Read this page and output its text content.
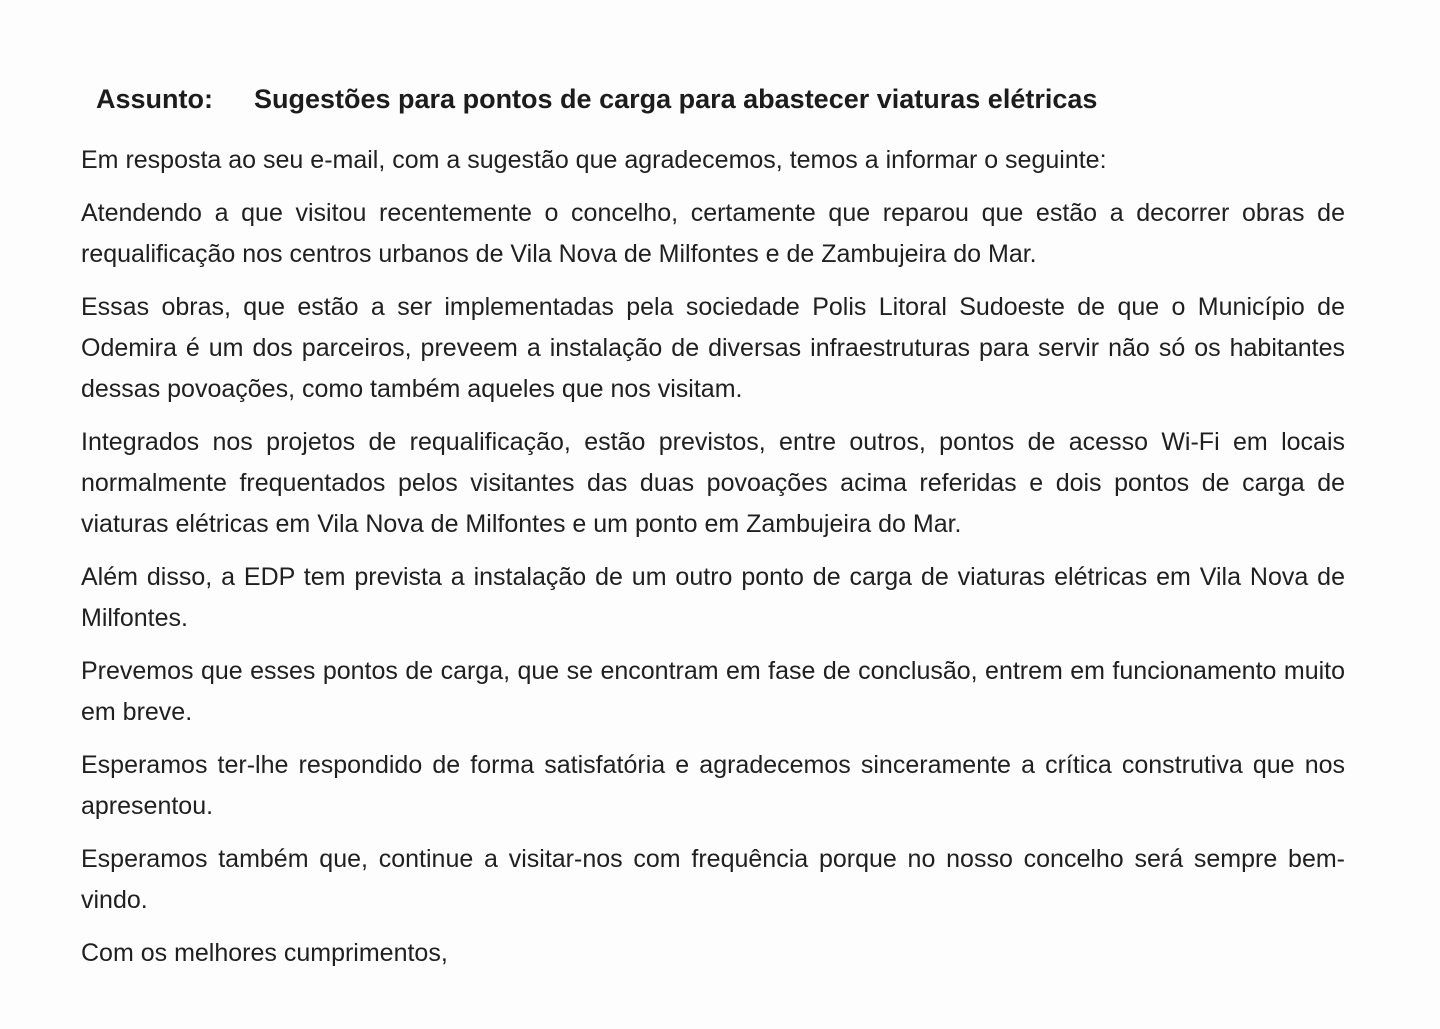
Assunto: Sugestões para pontos de carga para abastecer viaturas elétricas

Em resposta ao seu e-mail, com a sugestão que agradecemos, temos a informar o seguinte:

Atendendo a que visitou recentemente o concelho, certamente que reparou que estão a decorrer obras de requalificação nos centros urbanos de Vila Nova de Milfontes e de Zambujeira do Mar.

Essas obras, que estão a ser implementadas pela sociedade Polis Litoral Sudoeste de que o Município de Odemira é um dos parceiros, preveem a instalação de diversas infraestruturas para servir não só os habitantes dessas povoações, como também aqueles que nos visitam.

Integrados nos projetos de requalificação, estão previstos, entre outros, pontos de acesso Wi-Fi em locais normalmente frequentados pelos visitantes das duas povoações acima referidas e dois pontos de carga de viaturas elétricas em Vila Nova de Milfontes e um ponto em Zambujeira do Mar.

Além disso, a EDP tem prevista a instalação de um outro ponto de carga de viaturas elétricas em Vila Nova de Milfontes.

Prevemos que esses pontos de carga, que se encontram em fase de conclusão, entrem em funcionamento muito em breve.

Esperamos ter-lhe respondido de forma satisfatória e agradecemos sinceramente a crítica construtiva que nos apresentou.

Esperamos também que, continue a visitar-nos com frequência porque no nosso concelho será sempre bem-vindo.

Com os melhores cumprimentos,
